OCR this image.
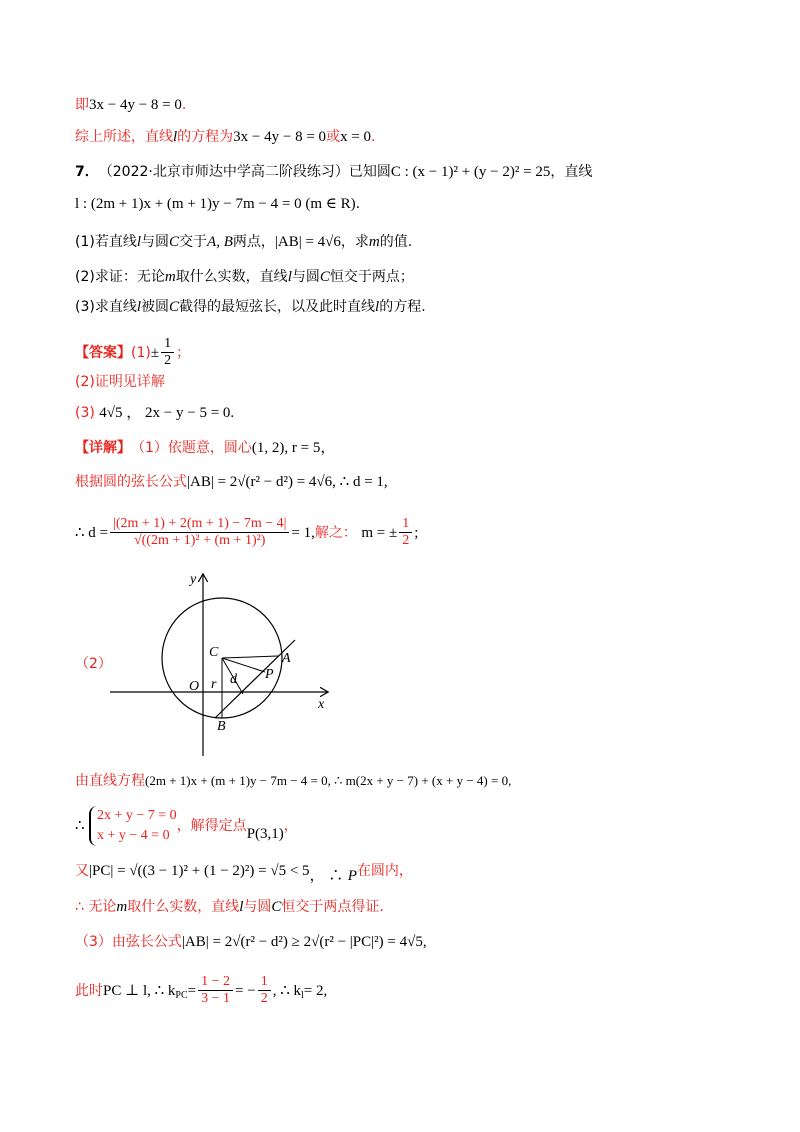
即 3x − 4y − 8 = 0 .
综上所述，直线 l 的方程为 3x − 4y − 8 = 0 或 x = 0 .
7． （2022·北京市师达中学高二阶段练习） 已知圆 C : (x − 1)² + (y − 2)² = 25 ，直线
l : (2m + 1)x + (m + 1)y − 7m − 4 = 0 (m ∈ R) .
(1) 若直线 l 与圆 C 交于 A, B 两点， |AB| = 4√6 ，求 m 的值.
(2) 求证：无论 m 取什么实数，直线 l 与圆 C 恒交于两点；
(3) 求直线 l 被圆 C 截得的最短弦长，以及此时直线 l 的方程.
【答案】 $(1) \pm \frac{1}{2}$ ；
(2)证明见详解
(3)
4√5 ， 2x − y − 5 = 0.
【详解】 （1）依题意，圆心 (1, 2), r = 5 ，
根据圆的弦长公式 |AB| = 2√(r² − d²) = 4√6, ∴ d = 1,
∴ $d = \frac{|(2m + 1) + 2(m + 1) - 7m - 4|}{\text{√((2m + 1)² + (m + 1)²)}} = 1$, 解之：
m = ± $\frac{1}{2}$ ;
（2）
y
x
O
C	A
P
B
r d
由直线方程 (2m + 1)x + (m + 1)y − 7m − 4 = 0, ∴ m(2x + y − 7) + (x + y − 4) = 0,
∴

2x + y − 7 = 0
x + y − 4 = 0
，解得定点 P(3,1) ，
又 |PC| = √((3 − 1)² + (1 − 2)²) = √5 < 5 ， ∴
P 在圆内，
∴ 无论 m 取什么实数，直线 l 与圆 C 恒交于两点得证.
（3）由弦长公式 |AB| = 2√(r² − d²) ≥ 2√(r² − |PC|²) = 4√5,
此时 PC ⊥ l, ∴ k PC = $\frac{1 - 2}{3 - 1}$ = − $\frac{1}{2}$ , ∴ k l = 2,
